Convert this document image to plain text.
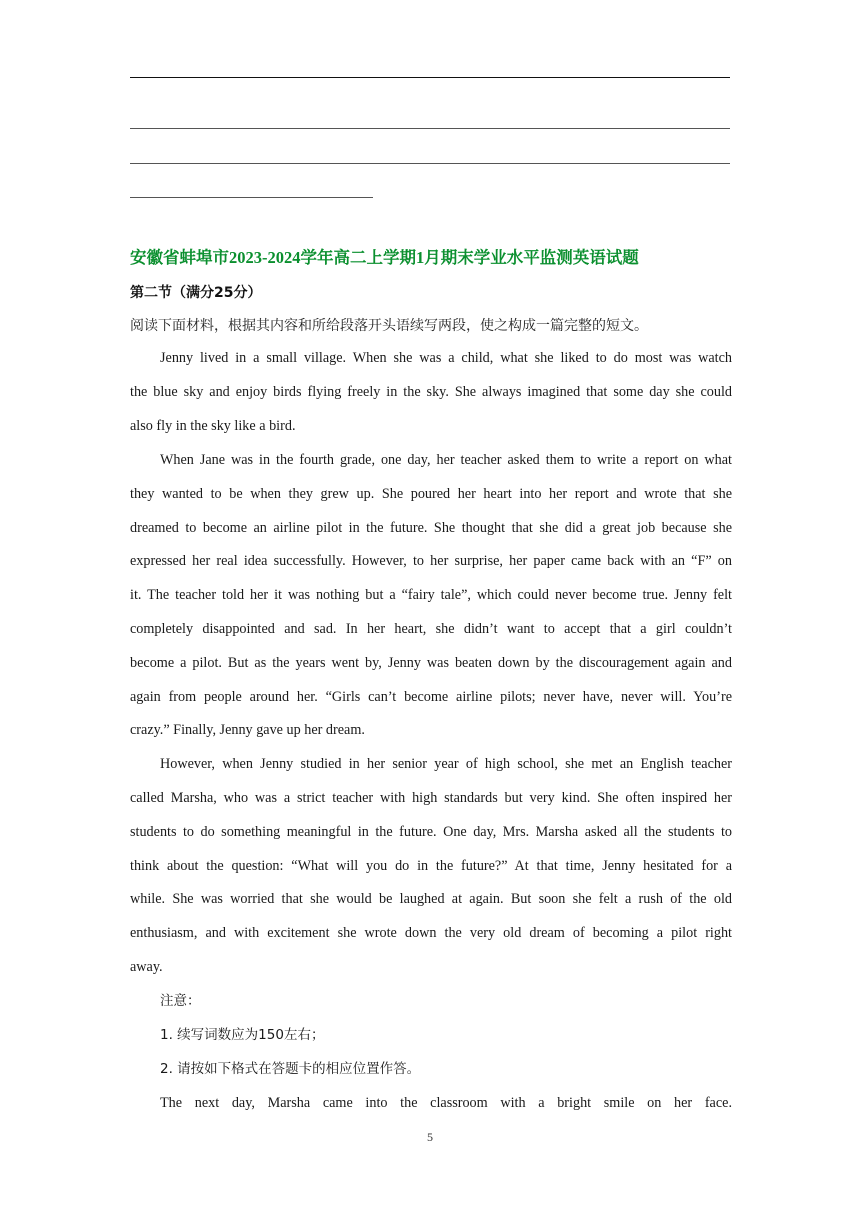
安徽省蚌埠市2023-2024学年高二上学期1月期末学业水平监测英语试题
第二节（满分25分）
阅读下面材料，根据其内容和所给段落开头语续写两段，使之构成一篇完整的短文。
Jenny lived in a small village. When she was a child, what she liked to do most was watch
the blue sky and enjoy birds flying freely in the sky. She always imagined that some day she could
also fly in the sky like a bird.
When Jane was in the fourth grade, one day, her teacher asked them to write a report on what
they wanted to be when they grew up. She poured her heart into her report and wrote that she
dreamed to become an airline pilot in the future. She thought that she did a great job because she
expressed her real idea successfully. However, to her surprise, her paper came back with an “F” on
it. The teacher told her it was nothing but a “fairy tale”, which could never become true. Jenny felt
completely disappointed and sad. In her heart, she didn’t want to accept that a girl couldn’t
become a pilot. But as the years went by, Jenny was beaten down by the discouragement again and
again from people around her. “Girls can’t become airline pilots; never have, never will. You’re
crazy.” Finally, Jenny gave up her dream.
However, when Jenny studied in her senior year of high school, she met an English teacher
called Marsha, who was a strict teacher with high standards but very kind. She often inspired her
students to do something meaningful in the future. One day, Mrs. Marsha asked all the students to
think about the question: “What will you do in the future?” At that time, Jenny hesitated for a
while. She was worried that she would be laughed at again. But soon she felt a rush of the old
enthusiasm, and with excitement she wrote down the very old dream of becoming a pilot right
away.
注意：
1. 续写词数应为150左右；
2. 请按如下格式在答题卡的相应位置作答。
The next day, Marsha came into the classroom with a bright smile on her face.
5
